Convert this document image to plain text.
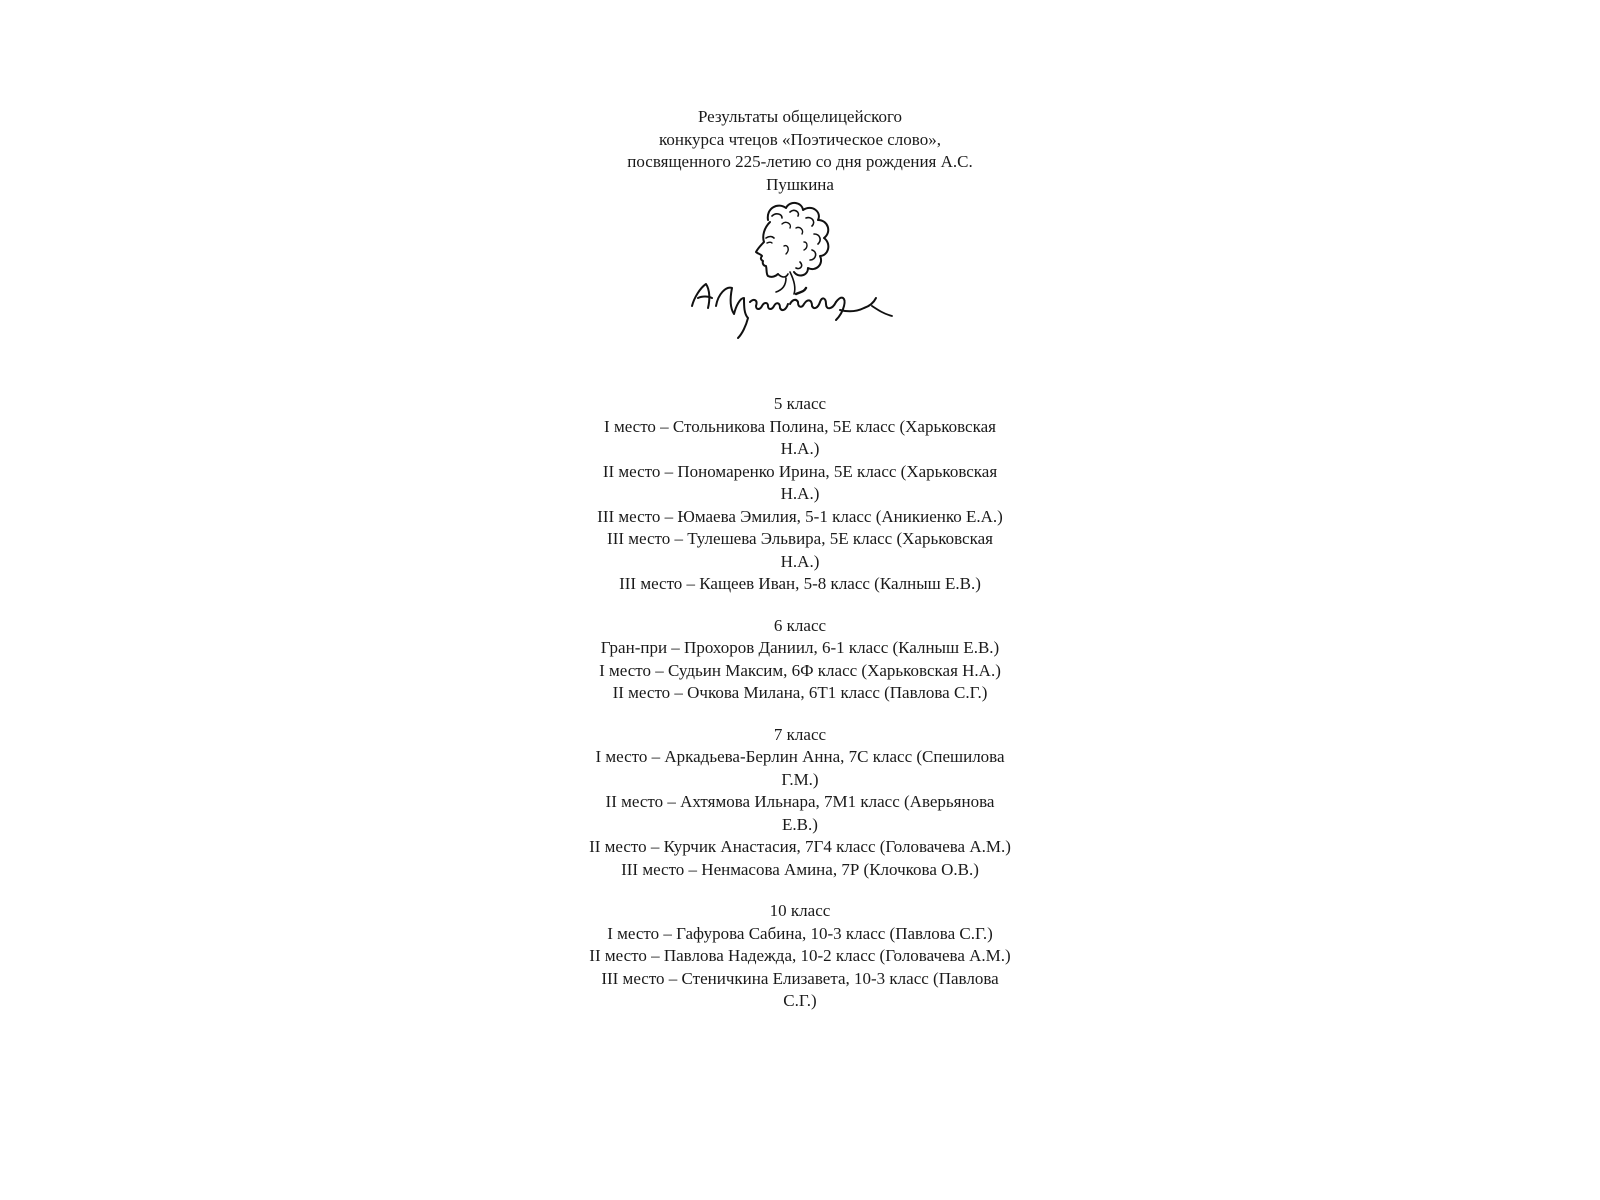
Результаты общелицейского
конкурса чтецов «Поэтическое слово»,
посвященного 225-летию со дня рождения А.С.
Пушкина
5 класс
I место – Стольникова Полина, 5Е класс (Харьковская Н.А.)
II место – Пономаренко Ирина, 5Е класс (Харьковская Н.А.)
III место – Юмаева Эмилия, 5-1 класс (Аникиенко Е.А.)
III место – Тулешева Эльвира, 5Е класс (Харьковская Н.А.)
III место – Кащеев Иван, 5-8 класс (Калныш Е.В.)
6 класс
Гран-при – Прохоров Даниил, 6-1 класс (Калныш Е.В.)
I место – Судьин Максим, 6Ф класс (Харьковская Н.А.)
II место – Очкова Милана, 6Т1 класс (Павлова С.Г.)
7 класс
I место – Аркадьева-Берлин Анна, 7С класс (Спешилова Г.М.)
II место – Ахтямова Ильнара, 7М1 класс (Аверьянова Е.В.)
II место – Курчик Анастасия, 7Г4 класс (Головачева А.М.)
III место – Ненмасова Амина, 7Р (Клочкова О.В.)
10 класс
I место – Гафурова Сабина, 10-3 класс (Павлова С.Г.)
II место – Павлова Надежда, 10-2 класс (Головачева А.М.)
III место – Стеничкина Елизавета, 10-3 класс (Павлова С.Г.)
